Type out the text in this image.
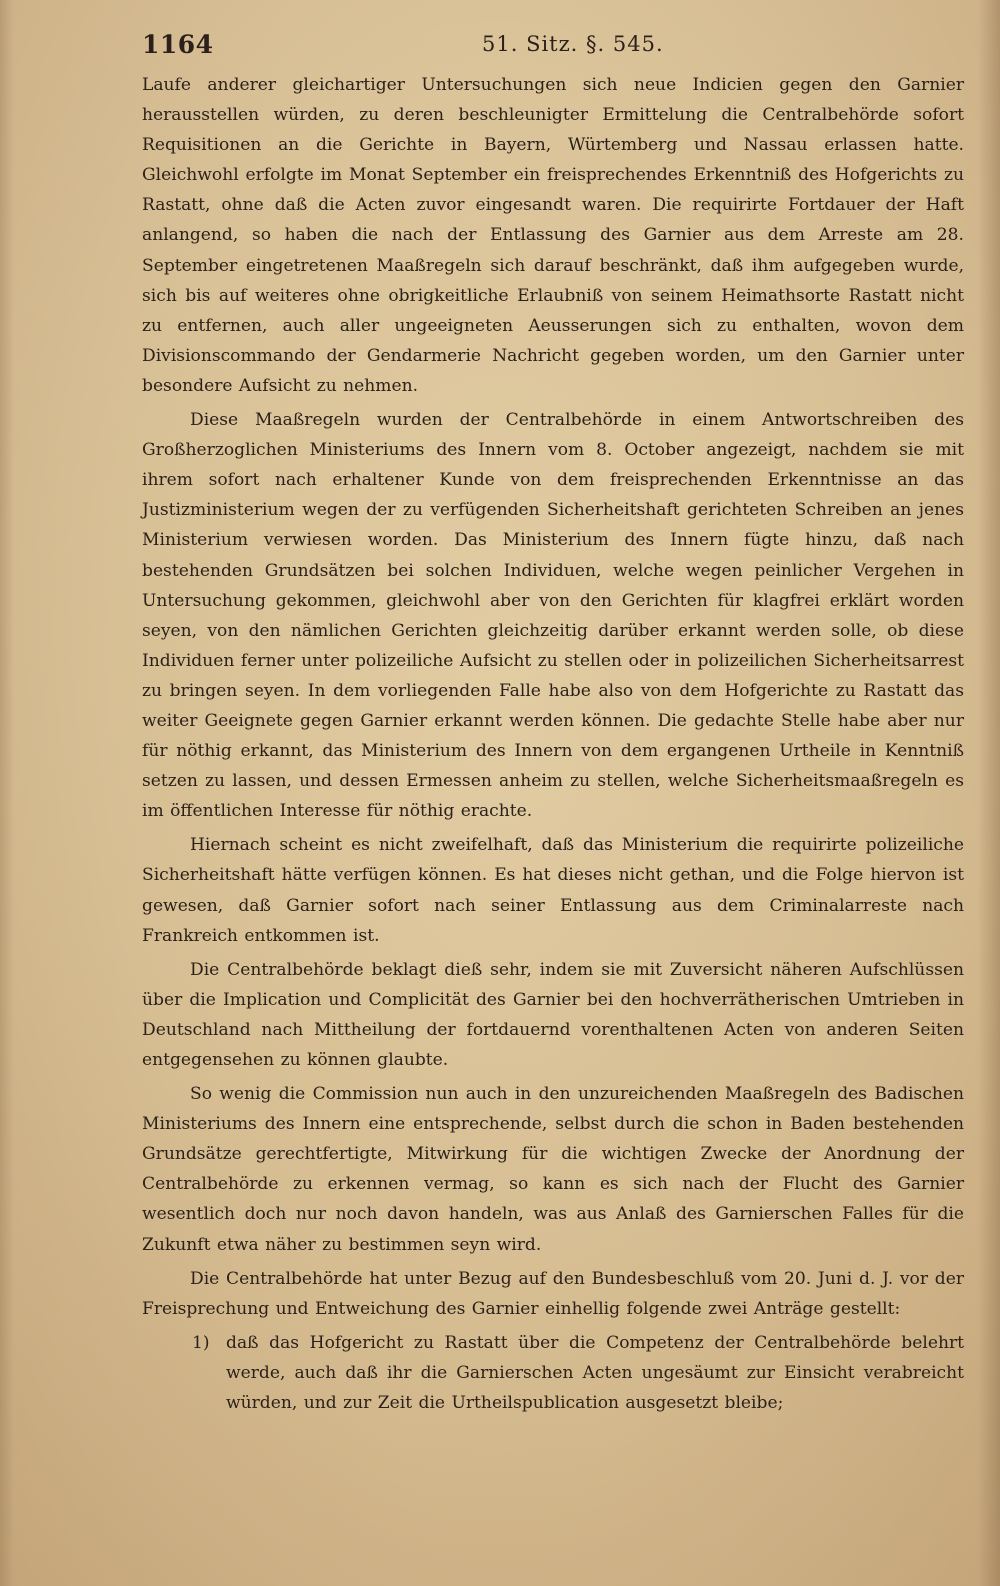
1164	51. Sitz. §. 545.

Laufe anderer gleichartiger Untersuchungen sich neue Indicien gegen den Garnier herausstellen würden, zu deren beschleunigter Ermittelung die Centralbehörde sofort Requisitionen an die Gerichte in Bayern, Würtemberg und Nassau erlassen hatte. Gleichwohl erfolgte im Monat September ein freisprechendes Erkenntniß des Hofgerichts zu Rastatt, ohne daß die Acten zuvor eingesandt waren. Die requirirte Fortdauer der Haft anlangend, so haben die nach der Entlassung des Garnier aus dem Arreste am 28. September eingetretenen Maaßregeln sich darauf beschränkt, daß ihm aufgegeben wurde, sich bis auf weiteres ohne obrigkeitliche Erlaubniß von seinem Heimathsorte Rastatt nicht zu entfernen, auch aller ungeeigneten Aeusserungen sich zu enthalten, wovon dem Divisionscommando der Gendarmerie Nachricht gegeben worden, um den Garnier unter besondere Aufsicht zu nehmen.

Diese Maaßregeln wurden der Centralbehörde in einem Antwortschreiben des Großherzoglichen Ministeriums des Innern vom 8. October angezeigt, nachdem sie mit ihrem sofort nach erhaltener Kunde von dem freisprechenden Erkenntnisse an das Justizministerium wegen der zu verfügenden Sicherheitshaft gerichteten Schreiben an jenes Ministerium verwiesen worden. Das Ministerium des Innern fügte hinzu, daß nach bestehenden Grundsätzen bei solchen Individuen, welche wegen peinlicher Vergehen in Untersuchung gekommen, gleichwohl aber von den Gerichten für klagfrei erklärt worden seyen, von den nämlichen Gerichten gleichzeitig darüber erkannt werden solle, ob diese Individuen ferner unter polizeiliche Aufsicht zu stellen oder in polizeilichen Sicherheitsarrest zu bringen seyen. In dem vorliegenden Falle habe also von dem Hofgerichte zu Rastatt das weiter Geeignete gegen Garnier erkannt werden können. Die gedachte Stelle habe aber nur für nöthig erkannt, das Ministerium des Innern von dem ergangenen Urtheile in Kenntniß setzen zu lassen, und dessen Ermessen anheim zu stellen, welche Sicherheitsmaaßregeln es im öffentlichen Interesse für nöthig erachte.

Hiernach scheint es nicht zweifelhaft, daß das Ministerium die requirirte polizeiliche Sicherheitshaft hätte verfügen können. Es hat dieses nicht gethan, und die Folge hiervon ist gewesen, daß Garnier sofort nach seiner Entlassung aus dem Criminalarreste nach Frankreich entkommen ist.

Die Centralbehörde beklagt dieß sehr, indem sie mit Zuversicht näheren Aufschlüssen über die Implication und Complicität des Garnier bei den hochverrätherischen Umtrieben in Deutschland nach Mittheilung der fortdauernd vorenthaltenen Acten von anderen Seiten entgegensehen zu können glaubte.

So wenig die Commission nun auch in den unzureichenden Maaßregeln des Badischen Ministeriums des Innern eine entsprechende, selbst durch die schon in Baden bestehenden Grundsätze gerechtfertigte, Mitwirkung für die wichtigen Zwecke der Anordnung der Centralbehörde zu erkennen vermag, so kann es sich nach der Flucht des Garnier wesentlich doch nur noch davon handeln, was aus Anlaß des Garnierschen Falles für die Zukunft etwa näher zu bestimmen seyn wird.

Die Centralbehörde hat unter Bezug auf den Bundesbeschluß vom 20. Juni d. J. vor der Freisprechung und Entweichung des Garnier einhellig folgende zwei Anträge gestellt:

1) daß das Hofgericht zu Rastatt über die Competenz der Centralbehörde belehrt werde, auch daß ihr die Garnierschen Acten ungesäumt zur Einsicht verabreicht würden, und zur Zeit die Urtheilspublication ausgesetzt bleibe;
